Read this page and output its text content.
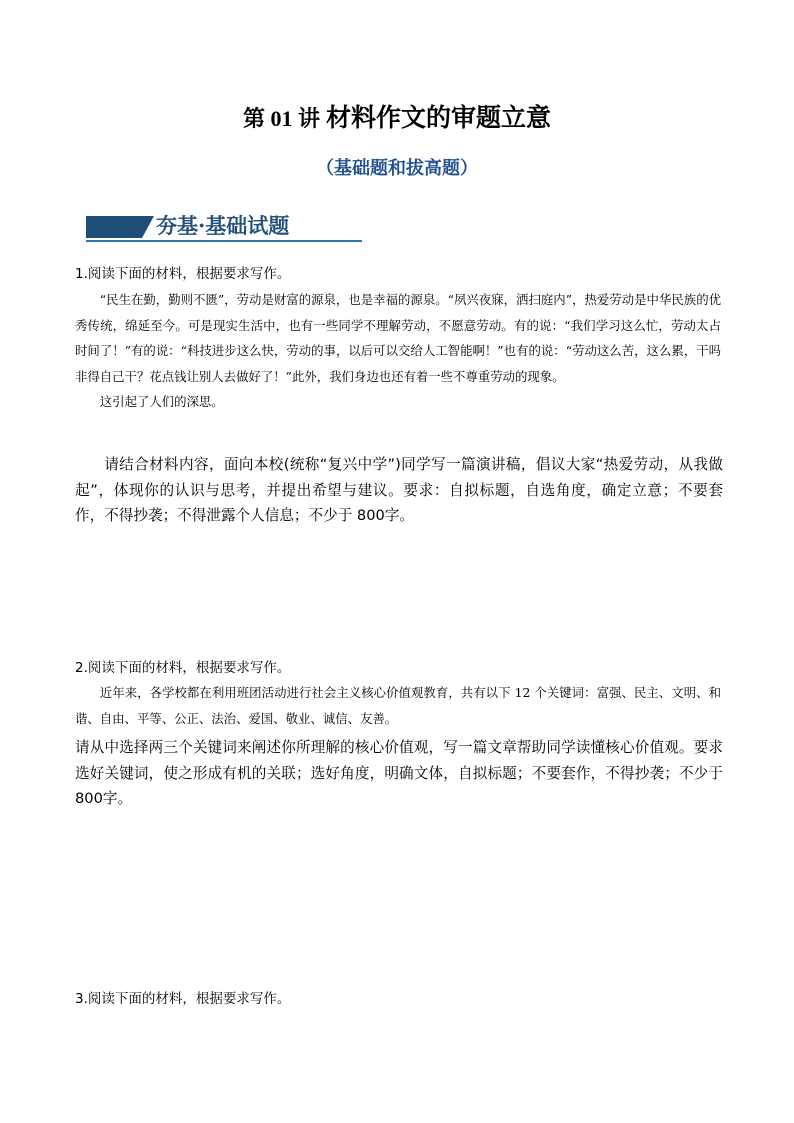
第 01 讲 材料作文的审题立意
（基础题和拔高题）
夯基·基础试题
1.阅读下面的材料，根据要求写作。

“民生在勤，勤则不匮”，劳动是财富的源泉，也是幸福的源泉。“夙兴夜寐，洒扫庭内”，热爱劳动是中华民族的优秀传统，绵延至今。可是现实生活中，也有一些同学不理解劳动，不愿意劳动。有的说：“我们学习这么忙，劳动太占时间了！”有的说：“科技进步这么快，劳动的事，以后可以交给人工智能啊！”也有的说：“劳动这么苦，这么累，干吗非得自己干？花点钱让别人去做好了！”此外，我们身边也还有着一些不尊重劳动的现象。

这引起了人们的深思。

请结合材料内容，面向本校(统称“复兴中学”)同学写一篇演讲稿，倡议大家“热爱劳动，从我做起”，体现你的认识与思考，并提出希望与建议。要求：自拟标题，自选角度，确定立意；不要套作，不得抄袭；不得泄露个人信息；不少于 800字。

2.阅读下面的材料，根据要求写作。

近年来，各学校都在利用班团活动进行社会主义核心价值观教育，共有以下 12 个关键词：富强、民主、文明、和谐、自由、平等、公正、法治、爱国、敬业、诚信、友善。

请从中选择两三个关键词来阐述你所理解的核心价值观，写一篇文章帮助同学读懂核心价值观。要求选好关键词，使之形成有机的关联；选好角度，明确文体，自拟标题；不要套作，不得抄袭；不少于 800字。

3.阅读下面的材料，根据要求写作。
